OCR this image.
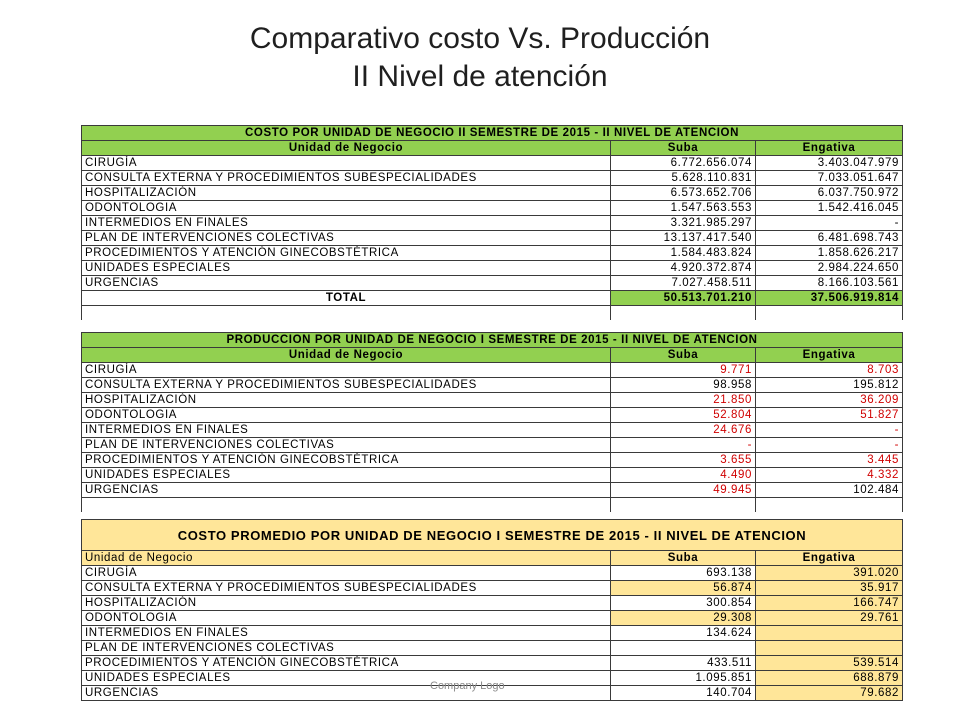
Comparativo costo Vs. Producción
II Nivel de atención
COSTO POR UNIDAD DE NEGOCIO II SEMESTRE DE 2015 - II NIVEL DE ATENCION		
Unidad de Negocio	Suba	Engativa
CIRUGÍA	6.772.656.074	3.403.047.979
CONSULTA EXTERNA Y PROCEDIMIENTOS SUBESPECIALIDADES	5.628.110.831	7.033.051.647
HOSPITALIZACIÓN	6.573.652.706	6.037.750.972
ODONTOLOGIA	1.547.563.553	1.542.416.045
INTERMEDIOS EN FINALES	3.321.985.297	-
PLAN DE INTERVENCIONES COLECTIVAS	13.137.417.540	6.481.698.743
PROCEDIMIENTOS Y ATENCIÓN GINECOBSTÉTRICA	1.584.483.824	1.858.626.217
UNIDADES ESPECIALES	4.920.372.874	2.984.224.650
URGENCIAS	7.027.458.511	8.166.103.561
TOTAL	50.513.701.210	37.506.919.814

PRODUCCION POR UNIDAD DE NEGOCIO I SEMESTRE DE 2015 - II NIVEL DE ATENCION		
Unidad de Negocio	Suba	Engativa
CIRUGÍA	9.771	8.703
CONSULTA EXTERNA Y PROCEDIMIENTOS SUBESPECIALIDADES	98.958	195.812
HOSPITALIZACIÓN	21.850	36.209
ODONTOLOGIA	52.804	51.827
INTERMEDIOS EN FINALES	24.676	-
PLAN DE INTERVENCIONES COLECTIVAS	-	-
PROCEDIMIENTOS Y ATENCIÓN GINECOBSTÉTRICA	3.655	3.445
UNIDADES ESPECIALES	4.490	4.332
URGENCIAS	49.945	102.484

COSTO PROMEDIO POR UNIDAD DE NEGOCIO I SEMESTRE DE 2015 - II NIVEL DE ATENCION		
Unidad de Negocio	Suba	Engativa
CIRUGÍA	693.138	391.020
CONSULTA EXTERNA Y PROCEDIMIENTOS SUBESPECIALIDADES	56.874	35.917
HOSPITALIZACIÓN	300.854	166.747
ODONTOLOGIA	29.308	29.761
INTERMEDIOS EN FINALES	134.624	
PLAN DE INTERVENCIONES COLECTIVAS		
PROCEDIMIENTOS Y ATENCIÓN GINECOBSTÉTRICA	433.511	539.514
UNIDADES ESPECIALES	1.095.851	688.879
URGENCIAS	140.704	79.682
Company Logo
